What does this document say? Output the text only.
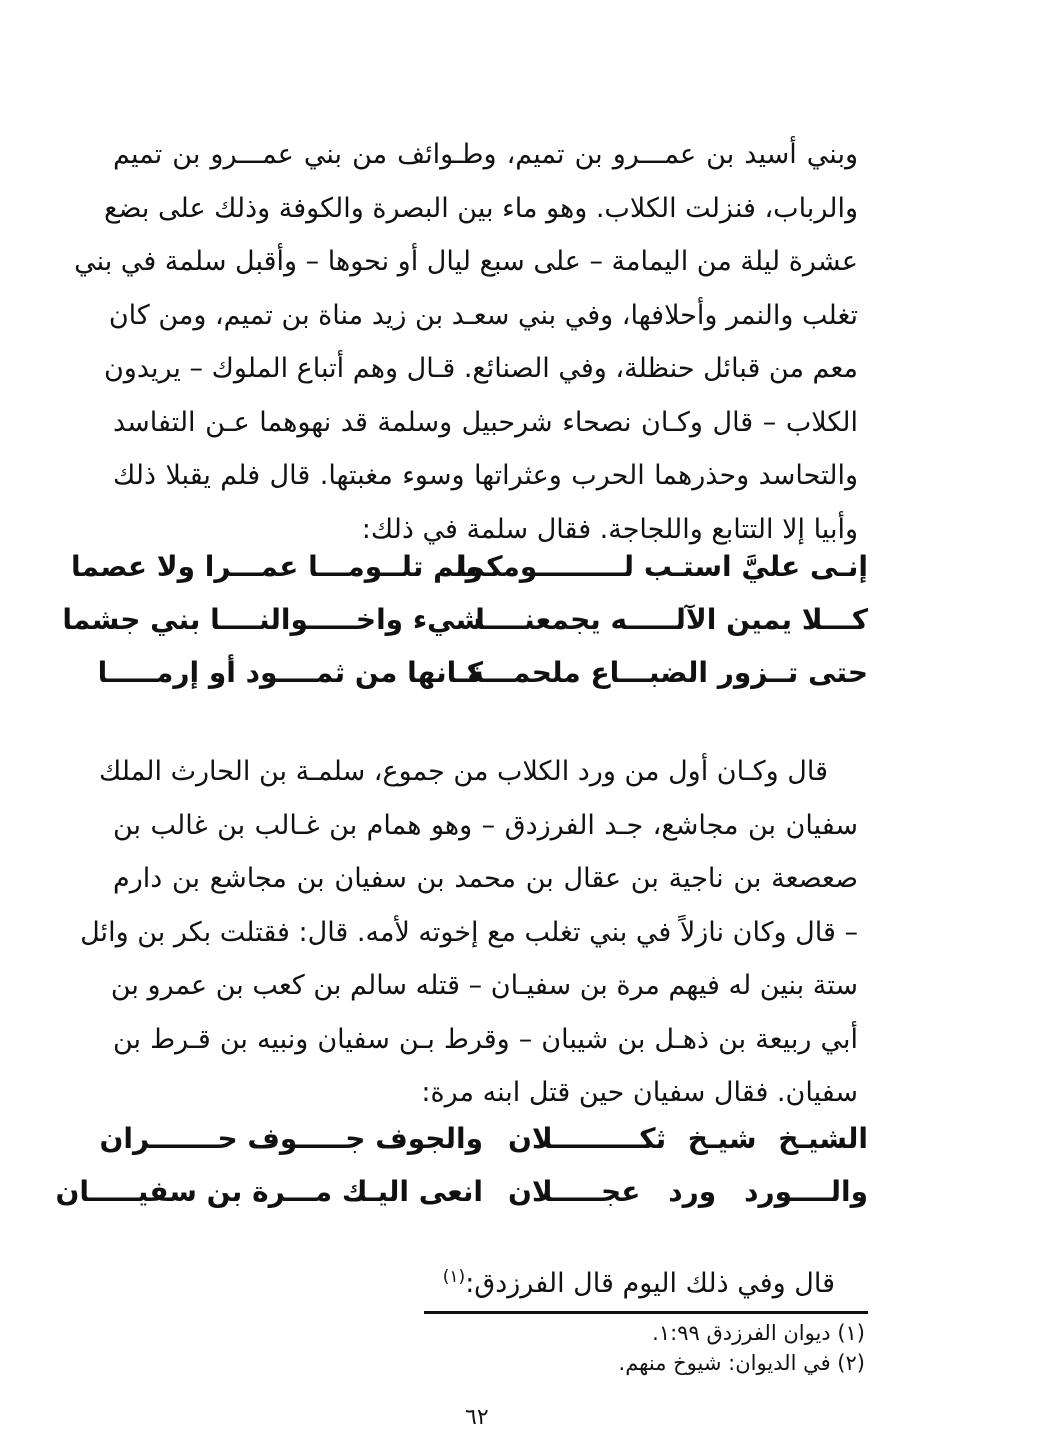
وبني أسيد بن عمـــرو بن تميم، وطـوائف من بني عمـــرو بن تميم
والرباب، فنزلت الكلاب. وهو ماء بين البصرة والكوفة وذلك على بضع
عشرة ليلة من اليمامة – على سبع ليال أو نحوها – وأقبل سلمة في بني
تغلب والنمر وأحلافها، وفي بني سعـد بن زيد مناة بن تميم، ومن كان
معم من قبائل حنظلة، وفي الصنائع. قـال وهم أتباع الملوك – يريدون
الكلاب – قال وكـان نصحاء شرحبيل وسلمة قد نهوهما عـن التفاسد
والتحاسد وحذرهما الحرب وعثراتها وسوء مغبتها. قال فلم يقبلا ذلك
وأبيا إلا التتابع واللجاجة. فقال سلمة في ذلك:
إنـى عليَّ استـب لـــــــــومكما
ولم تلــومـــا عمـــرا ولا عصما
كـــلا يمين الآلـــــه يجمعنــــا
شيء واخـــــوالنــــا بني جشما
حتى تــزور الضبـــاع ملحمـــة
كـانها من ثمــــود أو إرمـــــا
قال وكـان أول من ورد الكلاب من جموع، سلمـة بن الحارث الملك
سفيان بن مجاشع، جـد الفرزدق – وهو همام بن غـالب بن غالب بن
صعصعة بن ناجية بن عقال بن محمد بن سفيان بن مجاشع بن دارم
– قال وكان نازلاً في بني تغلب مع إخوته لأمه. قال: فقتلت بكر بن وائل
ستة بنين له فيهم مرة بن سفيـان – قتله سالم بن كعب بن عمرو بن
أبي ربيعة بن ذهـل بن شيبان – وقرط بـن سفيان ونبيه بن قـرط بن
سفيان. فقال سفيان حين قتل ابنه مرة:
الشيـخ شيـخ ثكـــــــــلان
والجوف جـــــوف حـــــــران
والــــورد ورد عجـــــلان
انعى اليـك مـــرة بن سفيـــــان
قال وفي ذلك اليوم قال الفرزدق:$^{(١)}$
(١) ديوان الفرزدق ١:٩٩.
(٢) في الديوان: شيوخ منهم.
٦٢
